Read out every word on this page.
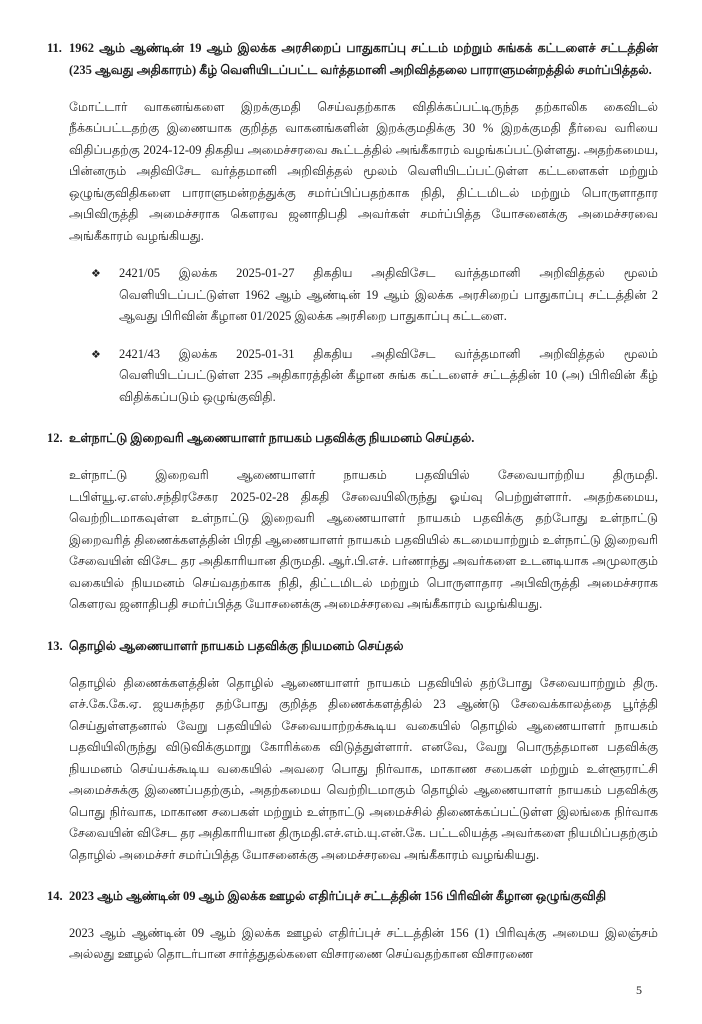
11. 1962 ஆம் ஆண்டின் 19 ஆம் இலக்க அரசிறைப் பாதுகாப்பு சட்டம் மற்றும் சுங்கக் கட்டளைச் சட்டத்தின் (235 ஆவது அதிகாரம்) கீழ் வெளியிடப்பட்ட வர்த்தமானி அறிவித்தலை பாராளுமன்றத்தில் சமர்ப்பித்தல்.

மோட்டார் வாகனங்களை இறக்குமதி செய்வதற்காக விதிக்கப்பட்டிருந்த தற்காலிக கைவிடல் நீக்கப்பட்டதற்கு இணையாக குறித்த வாகனங்களின் இறக்குமதிக்கு 30 % இறக்குமதி தீர்வை வரியை விதிப்பதற்கு 2024-12-09 திகதிய அமைச்சரவை கூட்டத்தில் அங்கீகாரம் வழங்கப்பட்டுள்ளது. அதற்கமைய, பின்னரும் அதிவிசேட வர்த்தமானி அறிவித்தல் மூலம் வெளியிடப்பட்டுள்ள கட்டளைகள் மற்றும் ஒழுங்குவிதிகளை பாராளுமன்றத்துக்கு சமர்ப்பிப்பதற்காக நிதி, திட்டமிடல் மற்றும் பொருளாதார அபிவிருத்தி அமைச்சராக கௌரவ ஜனாதிபதி அவர்கள் சமர்ப்பித்த யோசனைக்கு அமைச்சரவை அங்கீகாரம் வழங்கியது.

❖	2421/05 இலக்க 2025-01-27 திகதிய அதிவிசேட வர்த்தமானி அறிவித்தல் மூலம் வெளியிடப்பட்டுள்ள 1962 ஆம் ஆண்டின் 19 ஆம் இலக்க அரசிறைப் பாதுகாப்பு சட்டத்தின் 2 ஆவது பிரிவின் கீழான 01/2025 இலக்க அரசிறை பாதுகாப்பு கட்டளை.

❖	2421/43 இலக்க 2025-01-31 திகதிய அதிவிசேட வர்த்தமானி அறிவித்தல் மூலம் வெளியிடப்பட்டுள்ள 235 அதிகாரத்தின் கீழான சுங்க கட்டளைச் சட்டத்தின் 10 (அ) பிரிவின் கீழ் விதிக்கப்படும் ஒழுங்குவிதி.

12. உள்நாட்டு இறைவரி ஆணையாளர் நாயகம் பதவிக்கு நியமனம் செய்தல்.

உள்நாட்டு இறைவரி ஆணையாளர் நாயகம் பதவியில் சேவையாற்றிய திருமதி. டபிள்யூ.ஏ.எஸ்.சந்திரசேகர 2025-02-28 திகதி சேவையிலிருந்து ஓய்வு பெற்றுள்ளார். அதற்கமைய, வெற்றிடமாகவுள்ள உள்நாட்டு இறைவரி ஆணையாளர் நாயகம் பதவிக்கு தற்போது உள்நாட்டு இறைவரித் திணைக்களத்தின் பிரதி ஆணையாளர் நாயகம் பதவியில் கடமையாற்றும் உள்நாட்டு இறைவரி சேவையின் விசேட தர அதிகாரியான திருமதி. ஆர்.பி.எச். பர்ணாந்து அவர்களை உடனடியாக அமுலாகும் வகையில் நியமனம் செய்வதற்காக நிதி, திட்டமிடல் மற்றும் பொருளாதார அபிவிருத்தி அமைச்சராக கௌரவ ஜனாதிபதி சமர்ப்பித்த யோசனைக்கு அமைச்சரவை அங்கீகாரம் வழங்கியது.

13. தொழில் ஆணையாளர் நாயகம் பதவிக்கு நியமனம் செய்தல்

தொழில் திணைக்களத்தின் தொழில் ஆணையாளர் நாயகம் பதவியில் தற்போது சேவையாற்றும் திரு. எச்.கே.கே.ஏ. ஜயசுந்தர தற்போது குறித்த திணைக்களத்தில் 23 ஆண்டு சேவைக்காலத்தை பூர்த்தி செய்துள்ளதனால் வேறு பதவியில் சேவையாற்றக்கூடிய வகையில் தொழில் ஆணையாளர் நாயகம் பதவியிலிருந்து விடுவிக்குமாறு கோரிக்கை விடுத்துள்ளார். எனவே, வேறு பொருத்தமான பதவிக்கு நியமனம் செய்யக்கூடிய வகையில் அவரை பொது நிர்வாக, மாகாண சபைகள் மற்றும் உள்ளூராட்சி அமைச்சுக்கு இணைப்பதற்கும், அதற்கமைய வெற்றிடமாகும் தொழில் ஆணையாளர் நாயகம் பதவிக்கு பொது நிர்வாக, மாகாண சபைகள் மற்றும் உள்நாட்டு அமைச்சில் திணைக்கப்பட்டுள்ள இலங்கை நிர்வாக சேவையின் விசேட தர அதிகாரியான திருமதி.எச்.எம்.யு.என்.கே. பட்டலியத்த அவர்களை நியமிப்பதற்கும் தொழில் அமைச்சர் சமர்ப்பித்த யோசனைக்கு அமைச்சரவை அங்கீகாரம் வழங்கியது.

14. 2023 ஆம் ஆண்டின் 09 ஆம் இலக்க ஊழல் எதிர்ப்புச் சட்டத்தின் 156 பிரிவின் கீழான ஒழுங்குவிதி

2023 ஆம் ஆண்டின் 09 ஆம் இலக்க ஊழல் எதிர்ப்புச் சட்டத்தின் 156 (1) பிரிவுக்கு அமைய இலஞ்சம் அல்லது ஊழல் தொடர்பான சார்த்துதல்களை விசாரணை செய்வதற்கான விசாரணை

5
